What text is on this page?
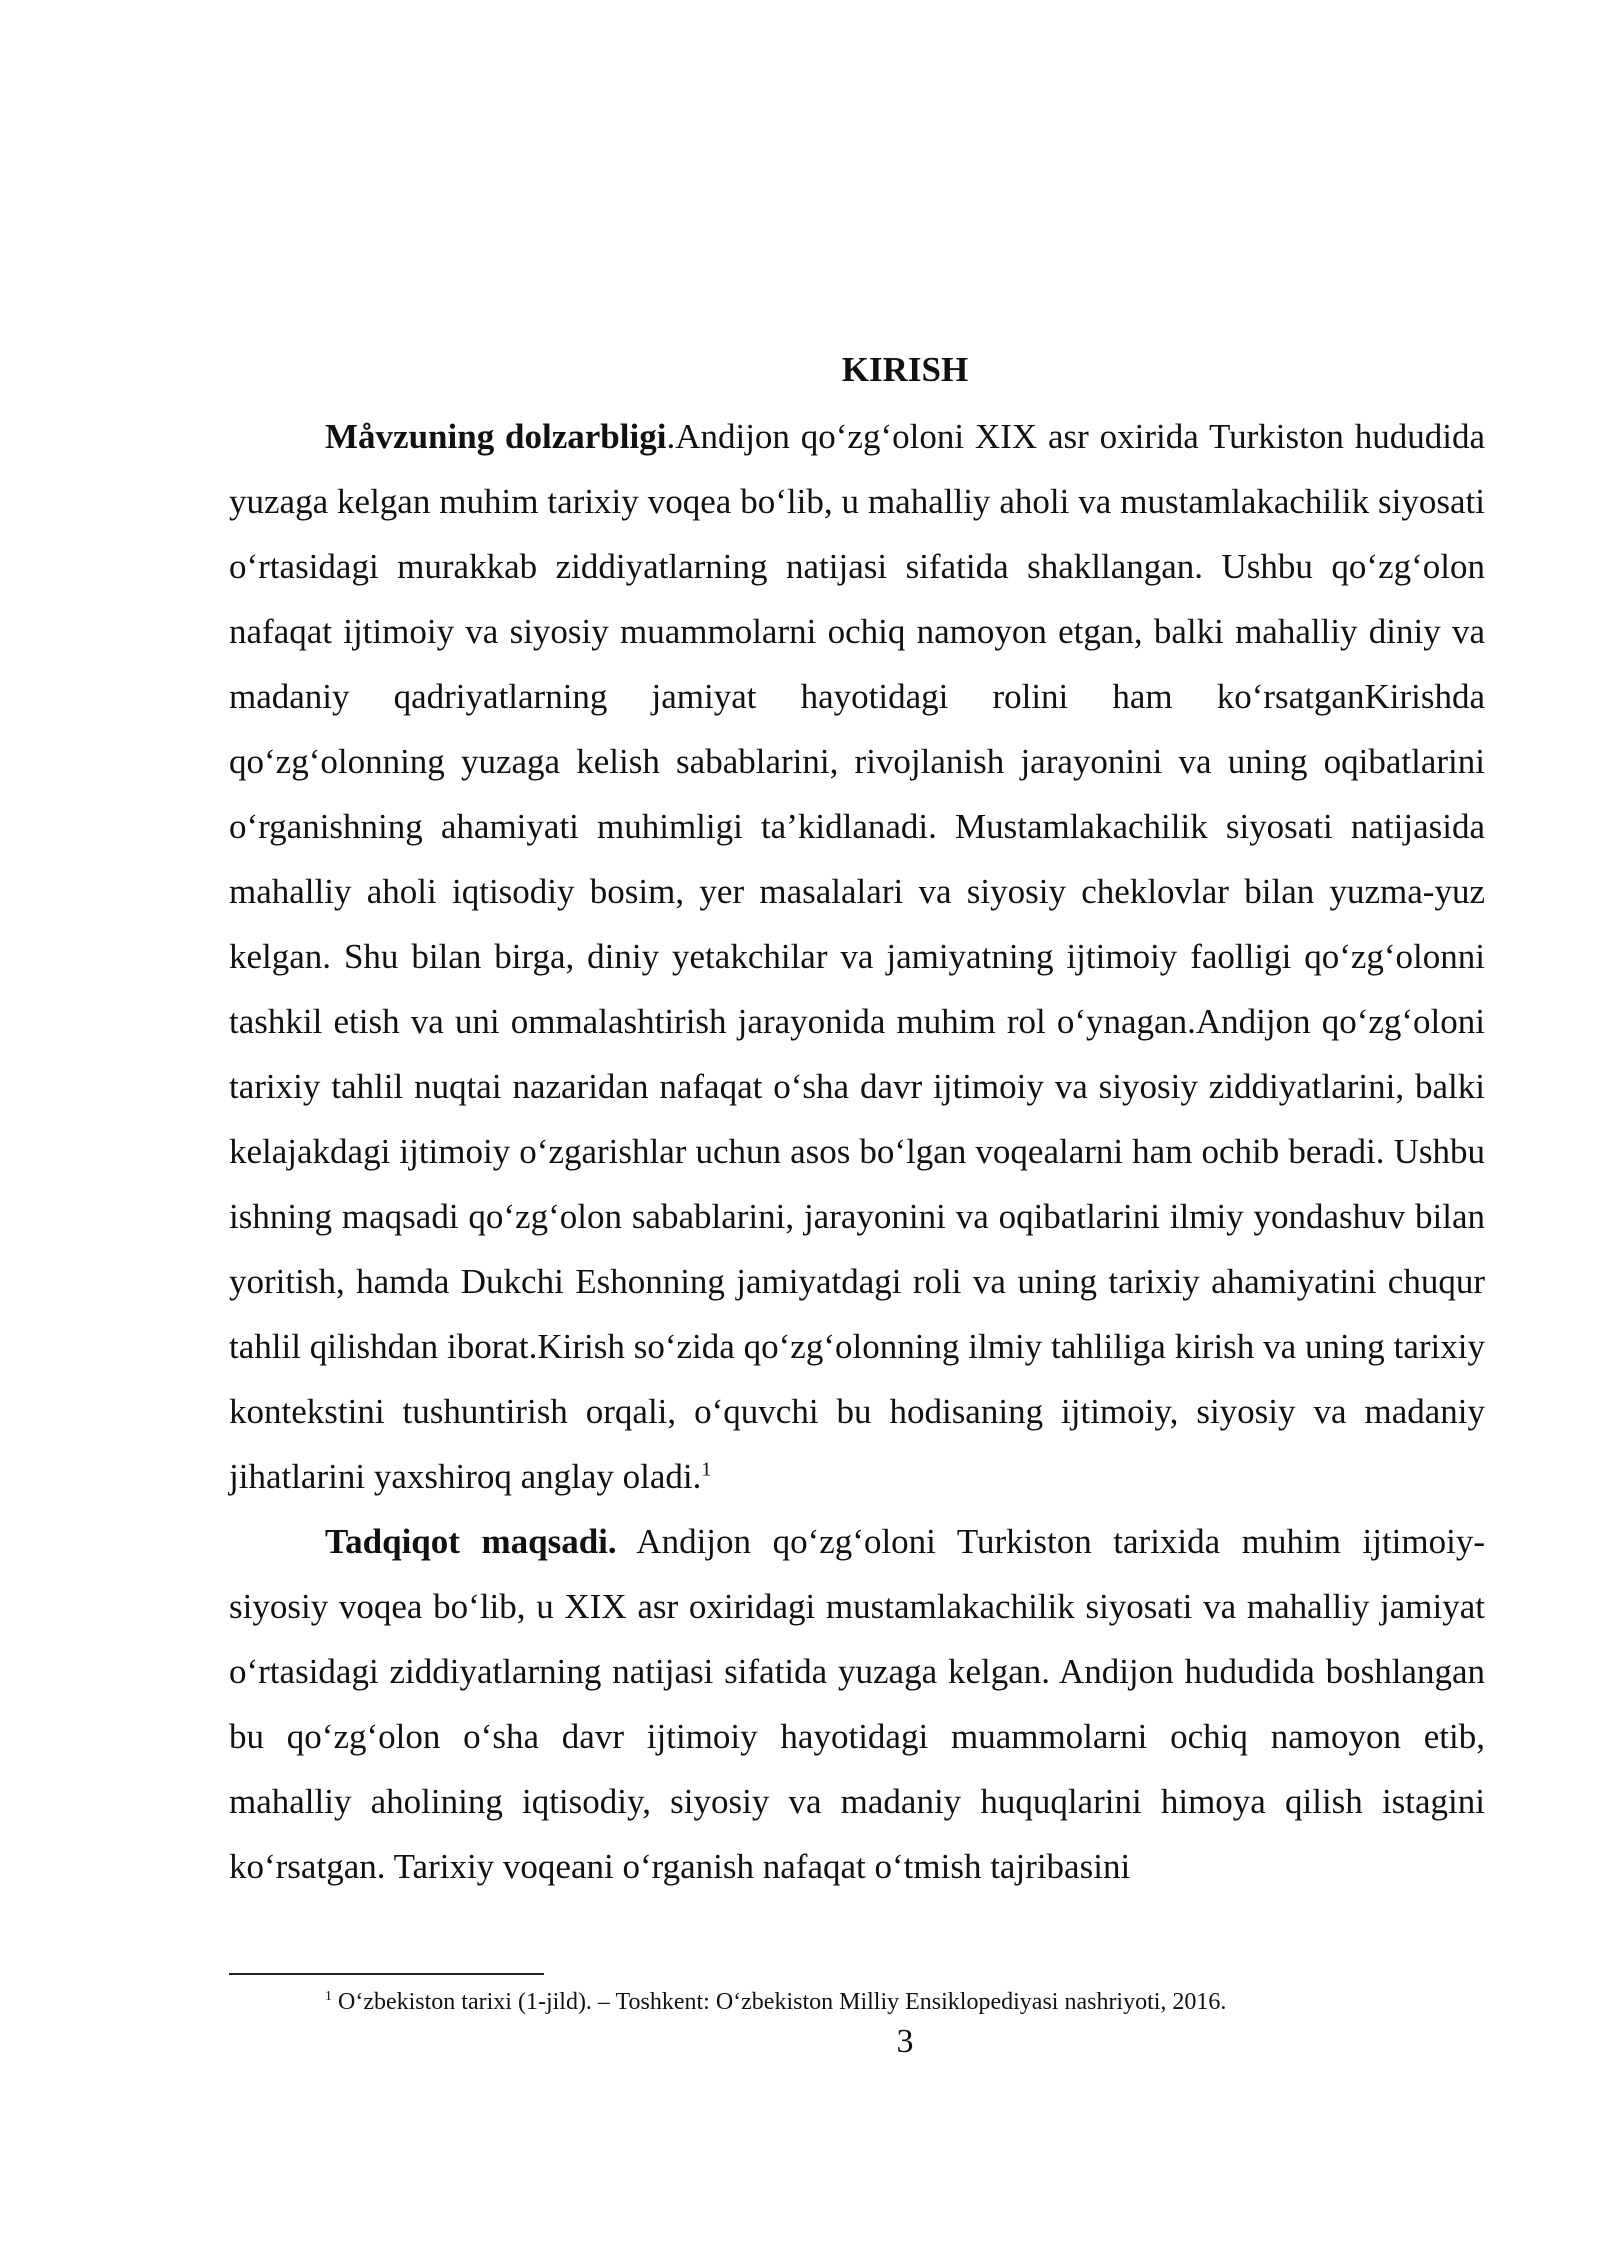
KIRISH

Måvzuning dolzarbligi.Andijon qo‘zg‘oloni XIX asr oxirida Turkiston hududida yuzaga kelgan muhim tarixiy voqea bo‘lib, u mahalliy aholi va mustamlakachilik siyosati o‘rtasidagi murakkab ziddiyatlarning natijasi sifatida shakllangan. Ushbu qo‘zg‘olon nafaqat ijtimoiy va siyosiy muammolarni ochiq namoyon etgan, balki mahalliy diniy va madaniy qadriyatlarning jamiyat hayotidagi rolini ham ko‘rsatganKirishda qo‘zg‘olonning yuzaga kelish sabablarini, rivojlanish jarayonini va uning oqibatlarini o‘rganishning ahamiyati muhimligi ta’kidlanadi. Mustamlakachilik siyosati natijasida mahalliy aholi iqtisodiy bosim, yer masalalari va siyosiy cheklovlar bilan yuzma-yuz kelgan. Shu bilan birga, diniy yetakchilar va jamiyatning ijtimoiy faolligi qo‘zg‘olonni tashkil etish va uni ommalashtirish jarayonida muhim rol o‘ynagan.Andijon qo‘zg‘oloni tarixiy tahlil nuqtai nazaridan nafaqat o‘sha davr ijtimoiy va siyosiy ziddiyatlarini, balki kelajakdagi ijtimoiy o‘zgarishlar uchun asos bo‘lgan voqealarni ham ochib beradi. Ushbu ishning maqsadi qo‘zg‘olon sabablarini, jarayonini va oqibatlarini ilmiy yondashuv bilan yoritish, hamda Dukchi Eshonning jamiyatdagi roli va uning tarixiy ahamiyatini chuqur tahlil qilishdan iborat.Kirish so‘zida qo‘zg‘olonning ilmiy tahliliga kirish va uning tarixiy kontekstini tushuntirish orqali, o‘quvchi bu hodisaning ijtimoiy, siyosiy va madaniy jihatlarini yaxshiroq anglay oladi.$^1$

Tadqiqot maqsadi. Andijon qo‘zg‘oloni Turkiston tarixida muhim ijtimoiy-siyosiy voqea bo‘lib, u XIX asr oxiridagi mustamlakachilik siyosati va mahalliy jamiyat o‘rtasidagi ziddiyatlarning natijasi sifatida yuzaga kelgan. Andijon hududida boshlangan bu qo‘zg‘olon o‘sha davr ijtimoiy hayotidagi muammolarni ochiq namoyon etib, mahalliy aholining iqtisodiy, siyosiy va madaniy huquqlarini himoya qilish istagini ko‘rsatgan. Tarixiy voqeani o‘rganish nafaqat o‘tmish tajribasini

$^1$ O‘zbekiston tarixi (1-jild). – Toshkent: O‘zbekiston Milliy Ensiklopediyasi nashriyoti, 2016.

3
